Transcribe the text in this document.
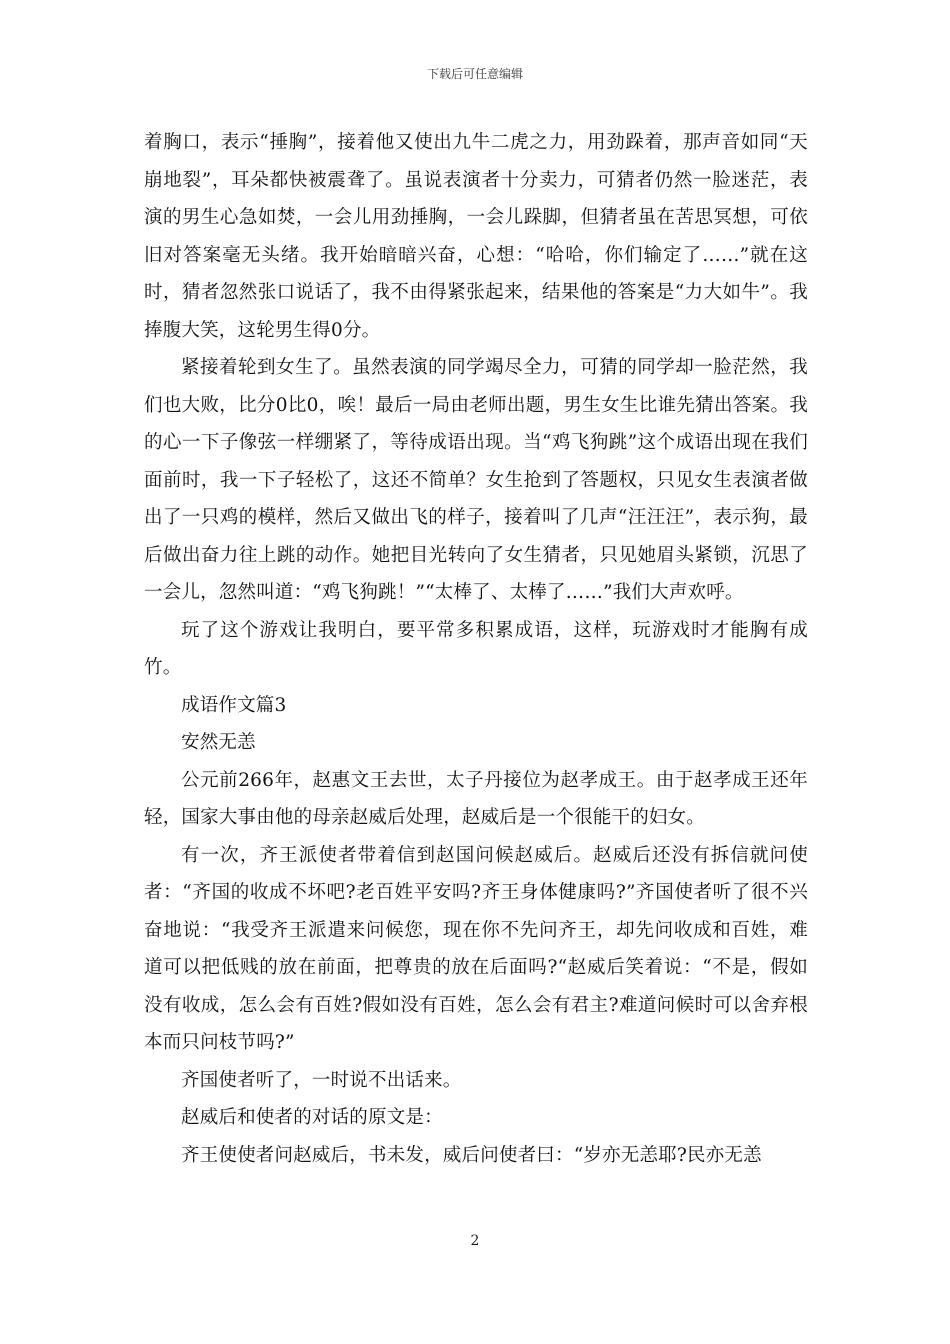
下载后可任意编辑

着胸口，表示“捶胸”，接着他又使出九牛二虎之力，用劲跺着，那声音如同“天崩地裂”，耳朵都快被震聋了。虽说表演者十分卖力，可猜者仍然一脸迷茫，表演的男生心急如焚，一会儿用劲捶胸，一会儿跺脚，但猜者虽在苦思冥想，可依旧对答案毫无头绪。我开始暗暗兴奋，心想：“哈哈，你们输定了……”就在这时，猜者忽然张口说话了，我不由得紧张起来，结果他的答案是“力大如牛”。我捧腹大笑，这轮男生得0分。

紧接着轮到女生了。虽然表演的同学竭尽全力，可猜的同学却一脸茫然，我们也大败，比分0比0，唉！最后一局由老师出题，男生女生比谁先猜出答案。我的心一下子像弦一样绷紧了，等待成语出现。当“鸡飞狗跳”这个成语出现在我们面前时，我一下子轻松了，这还不简单？女生抢到了答题权，只见女生表演者做出了一只鸡的模样，然后又做出飞的样子，接着叫了几声“汪汪汪”，表示狗，最后做出奋力往上跳的动作。她把目光转向了女生猜者，只见她眉头紧锁，沉思了一会儿，忽然叫道：“鸡飞狗跳！”“太棒了、太棒了……”我们大声欢呼。

玩了这个游戏让我明白，要平常多积累成语，这样，玩游戏时才能胸有成竹。

成语作文篇3

安然无恙

公元前266年，赵惠文王去世，太子丹接位为赵孝成王。由于赵孝成王还年轻，国家大事由他的母亲赵威后处理，赵威后是一个很能干的妇女。

有一次，齐王派使者带着信到赵国问候赵威后。赵威后还没有拆信就问使者：“齐国的收成不坏吧?老百姓平安吗?齐王身体健康吗?”齐国使者听了很不兴奋地说：“我受齐王派遣来问候您，现在你不先问齐王，却先问收成和百姓，难道可以把低贱的放在前面，把尊贵的放在后面吗?“赵威后笑着说：“不是，假如没有收成，怎么会有百姓?假如没有百姓，怎么会有君主?难道问候时可以舍弃根本而只问枝节吗?”

齐国使者听了，一时说不出话来。

赵威后和使者的对话的原文是：

齐王使使者问赵威后，书未发，威后问使者曰：“岁亦无恙耶?民亦无恙

2
